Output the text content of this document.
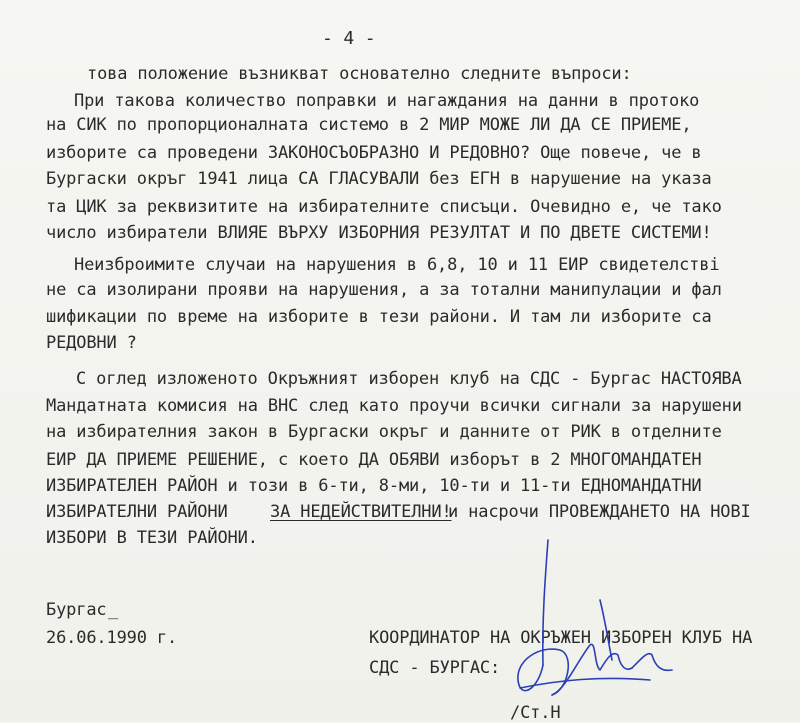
- 4 -
това положение възникват основателно следните въпроси:
При такова количество поправки и нагаждания на данни в протоко
на СИК по пропорционалната системо в 2 МИР МОЖЕ ЛИ ДА СЕ ПРИЕМЕ,
изборите са проведени ЗАКОНОСЪОБРАЗНО И РЕДОВНО? Още повече, че в
Бургаски окръг 1941 лица СА ГЛАСУВАЛИ без ЕГН в нарушение на указа
та ЦИК за реквизитите на избирателните списъци. Очевидно е, че тако
число избиратели ВЛИЯЕ ВЪРХУ ИЗБОРНИЯ РЕЗУЛТАТ И ПО ДВЕТЕ СИСТЕМИ!
Неизброимите случаи на нарушения в 6,8, 10 и 11 ЕИР свидетелстві
не са изолирани прояви на нарушения, а за тотални манипулации и фал
шификации по време на изборите в тези райони. И там ли изборите са
РЕДОВНИ ?
С оглед изложеното Окръжният изборен клуб на СДС - Бургас НАСТОЯВА
Мандатната комисия на ВНС след като проучи всички сигнали за нарушени
на избирателния закон в Бургаски окръг и данните от РИК в отделните
ЕИР ДА ПРИЕМЕ РЕШЕНИЕ, с което ДА ОБЯВИ изборът в 2 МНОГОМАНДАТЕН
ИЗБИРАТЕЛЕН РАЙОН и този в 6-ти, 8-ми, 10-ти и 11-ти ЕДНОМАНДАТНИ
ИЗБИРАТЕЛНИ РАЙОНИ ЗА НЕДЕЙСТВИТЕЛНИ!
и насрочи ПРОВЕЖДАНЕТО НА НОВІ
ИЗБОРИ В ТЕЗИ РАЙОНИ.
Бургас _
26.06.1990 г.	КООРДИНАТОР НА ОКРЪЖЕН ИЗБОРЕН КЛУБ НА
СДС - БУРГАС:
/Ст.Н
